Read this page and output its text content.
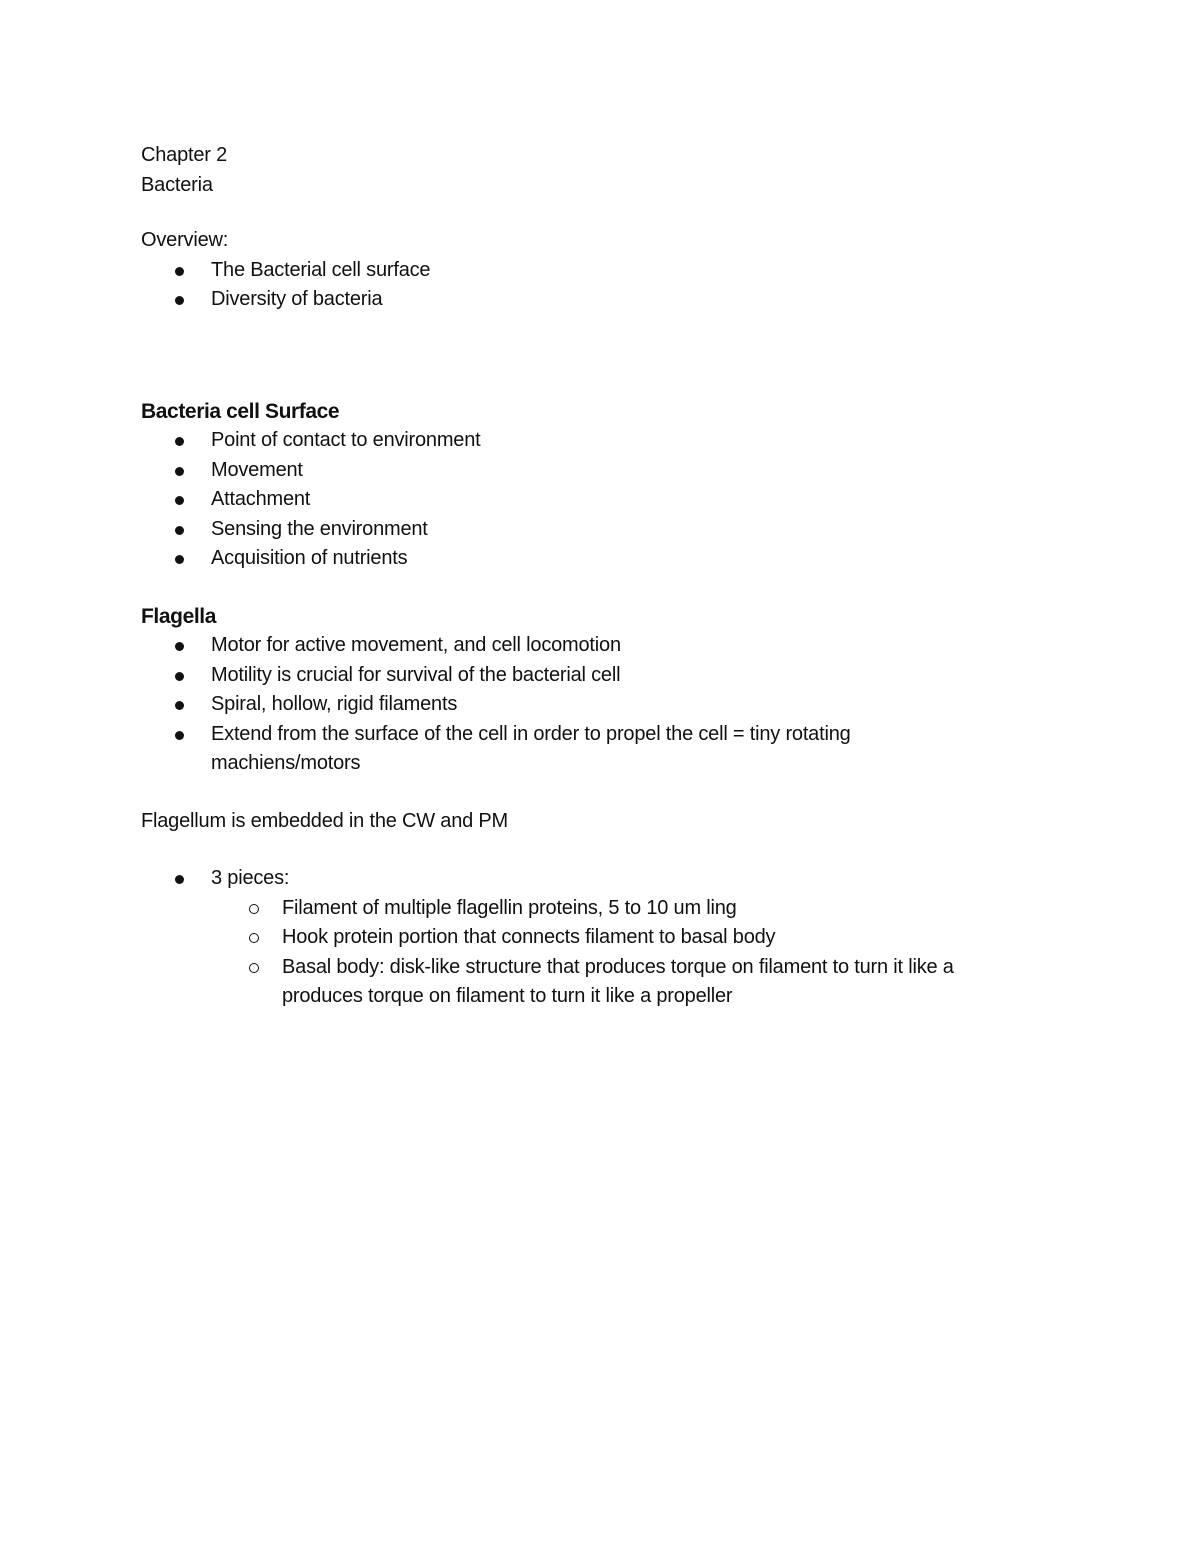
Chapter 2

Bacteria

Overview:

The Bacterial cell surface
Diversity of bacteria

Bacteria cell Surface

Point of contact to environment
Movement
Attachment
Sensing the environment
Acquisition of nutrients

Flagella

Motor for active movement, and cell locomotion
Motility is crucial for survival of the bacterial cell
Spiral, hollow, rigid filaments
Extend from the surface of the cell in order to propel the cell = tiny rotating machiens/motors

Flagellum is embedded in the CW and PM

3 pieces:
Filament of multiple flagellin proteins, 5 to 10 um ling
Hook protein portion that connects filament to basal body
Basal body: disk-like structure that produces torque on filament to turn it like a produces torque on filament to turn it like a propeller
